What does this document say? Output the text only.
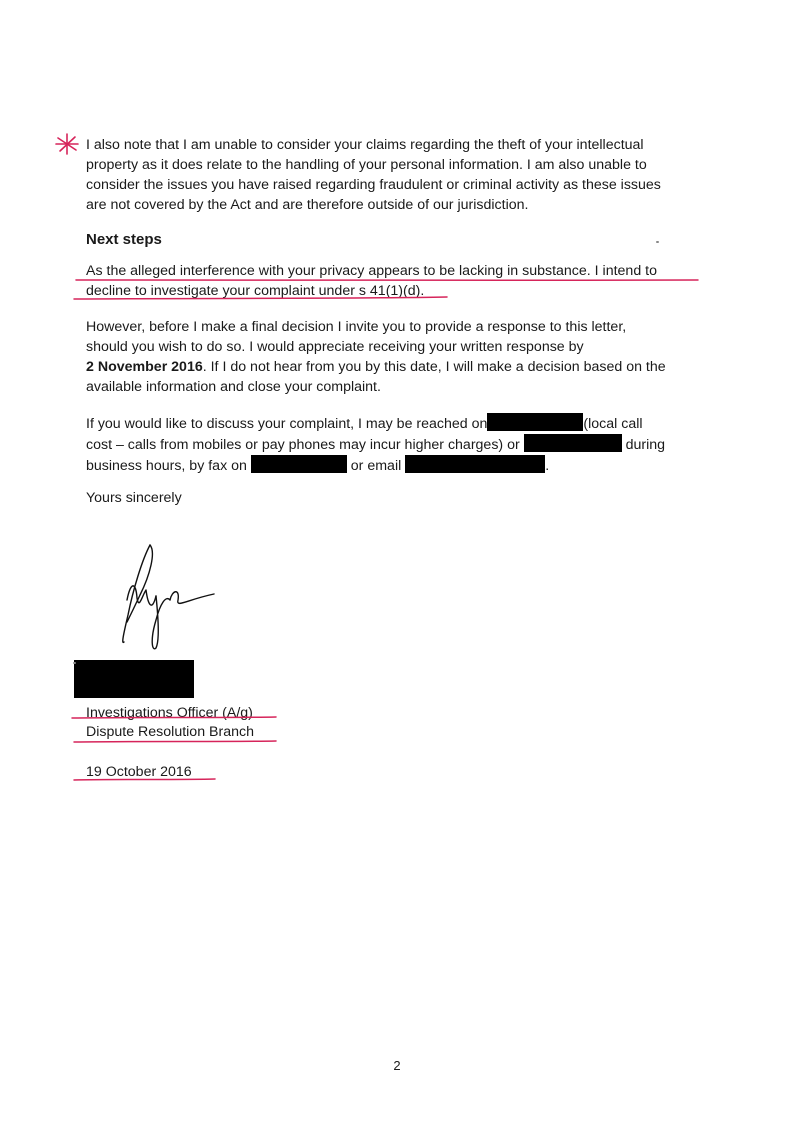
I also note that I am unable to consider your claims regarding the theft of your intellectual
property as it does relate to the handling of your personal information. I am also unable to
consider the issues you have raised regarding fraudulent or criminal activity as these issues
are not covered by the Act and are therefore outside of our jurisdiction.

Next steps

As the alleged interference with your privacy appears to be lacking in substance. I intend to
decline to investigate your complaint under s 41(1)(d).

However, before I make a final decision I invite you to provide a response to this letter,
should you wish to do so. I would appreciate receiving your written response by
2 November 2016. If I do not hear from you by this date, I will make a decision based on the
available information and close your complaint.

If you would like to discuss your complaint, I may be reached on	(local call
cost – calls from mobiles or pay phones may incur higher charges) or	during
business hours, by fax on	or email	.

Yours sincerely

Investigations Officer (A/g)

Dispute Resolution Branch

19 October 2016

2
